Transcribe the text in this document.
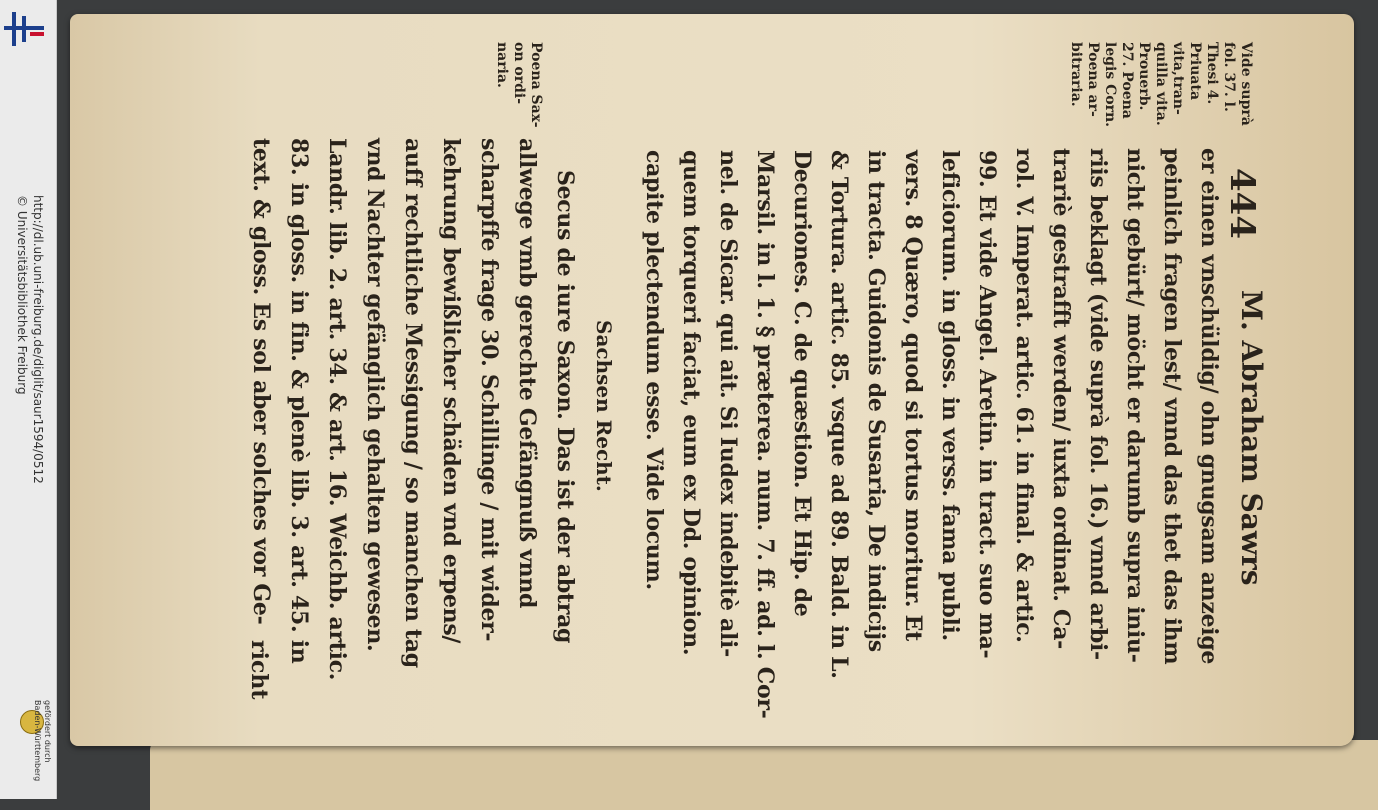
http://dl.ub.uni-freiburg.de/diglit/saur1594/0512
© Universitätsbibliothek Freiburg
gefördert durch
Baden-Württemberg
444
M. Abraham Sawrs
Vide suprà
fol. 37. l.
Thesi 4.
Priuata
vita,tran-
quilla vita.
Prouerb.
27. Poena
legis Corn.
Poena ar-
bitraria.
Poena Sax-
on ordi-
naria.
er einen vnschüldig/ ohn gnugsam anzeige
peinlich fragen lest/ vnnd das thet das ihm
nicht gebürt/ möcht er darumb supra iniu-
riis beklagt (vide suprà fol. 16.) vnnd arbi-
trariè gestrafft werden/ iuxta ordinat. Ca-
rol. V. Imperat. artic. 61. in final. & artic.
99. Et vide Angel. Aretin. in tract. suo ma-
leficiorum. in gloss. in verss. fama publi.
vers. 8 Quæro, quod si tortus moritur. Et
in tracta. Guidonis de Susaria, De indicijs
& Tortura. artic. 85. vsque ad 89. Bald. in L.
Decuriones. C. de quæstion. Et Hip. de
Marsil. in l. 1. § præterea. num. 7. ff. ad. l. Cor-
nel. de Sicar. qui ait. Si Iudex indebitè ali-
quem torqueri faciat, eum ex Dd. opinion.
capite plectendum esse. Vide locum.
Sachsen Recht.
Secus de iure Saxon. Das ist der abtrag
allwege vmb gerechte Gefängnuß vnnd
scharpffe frage 30. Schillinge / mit wider-
kehrung bewißlicher schäden vnd erpens/
auff rechtliche Messigung / so manchen tag
vnd Nachter gefänglich gehalten gewesen.
Landr. lib. 2. art. 34. & art. 16. Weichb. artic.
83. in gloss. in fin. & plenè lib. 3. art. 45. in
text. & gloss. Es sol aber solches vor Ge-
richt
